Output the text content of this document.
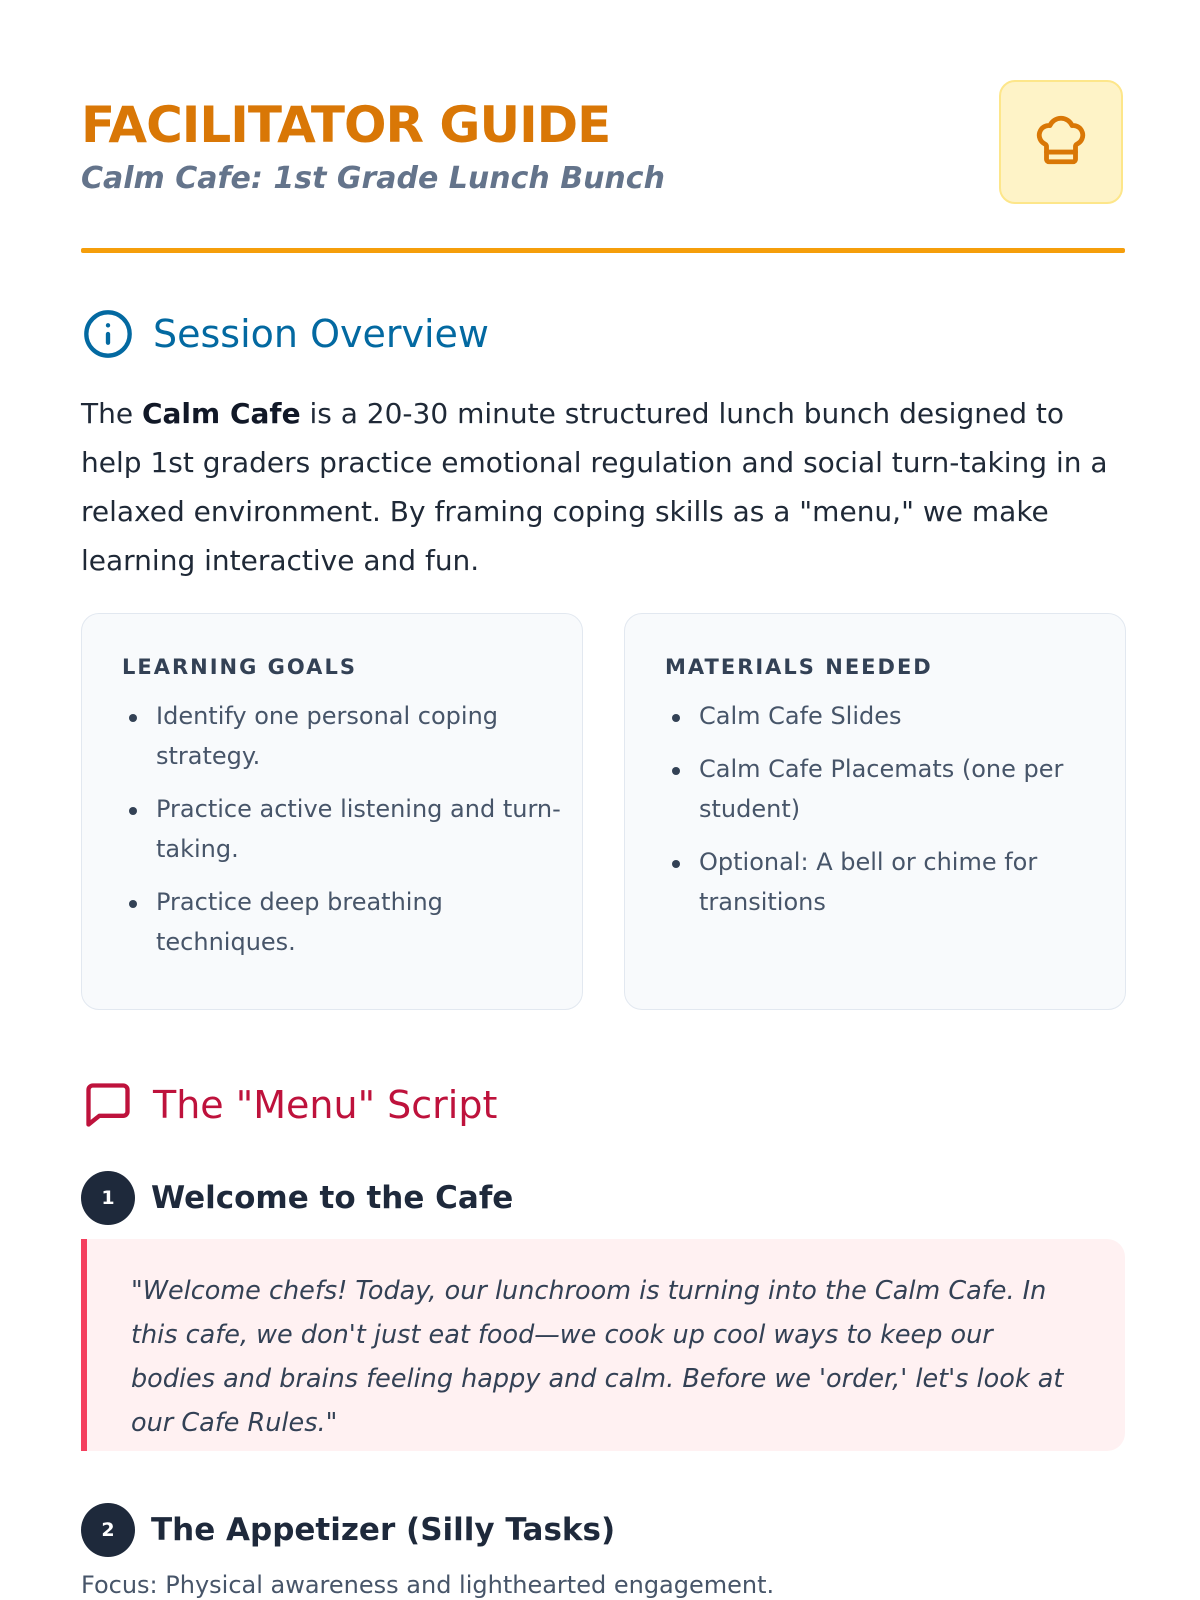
FACILITATOR GUIDE

Calm Cafe: 1st Grade Lunch Bunch

Session Overview

The Calm Cafe is a 20-30 minute structured lunch bunch designed to help 1st graders practice emotional regulation and social turn-taking in a relaxed environment. By framing coping skills as a "menu," we make learning interactive and fun.

LEARNING GOALS
Identify one personal coping strategy.
Practice active listening and turn-taking.
Practice deep breathing techniques.
MATERIALS NEEDED
Calm Cafe Slides
Calm Cafe Placemats (one per student)
Optional: A bell or chime for transitions
The "Menu" Script
1	Welcome to the Cafe

"Welcome chefs! Today, our lunchroom is turning into the Calm Cafe. In this cafe, we don't just eat food—we cook up cool ways to keep our bodies and brains feeling happy and calm. Before we 'order,' let's look at our Cafe Rules."

2	The Appetizer (Silly Tasks)

Focus: Physical awareness and lighthearted engagement.
